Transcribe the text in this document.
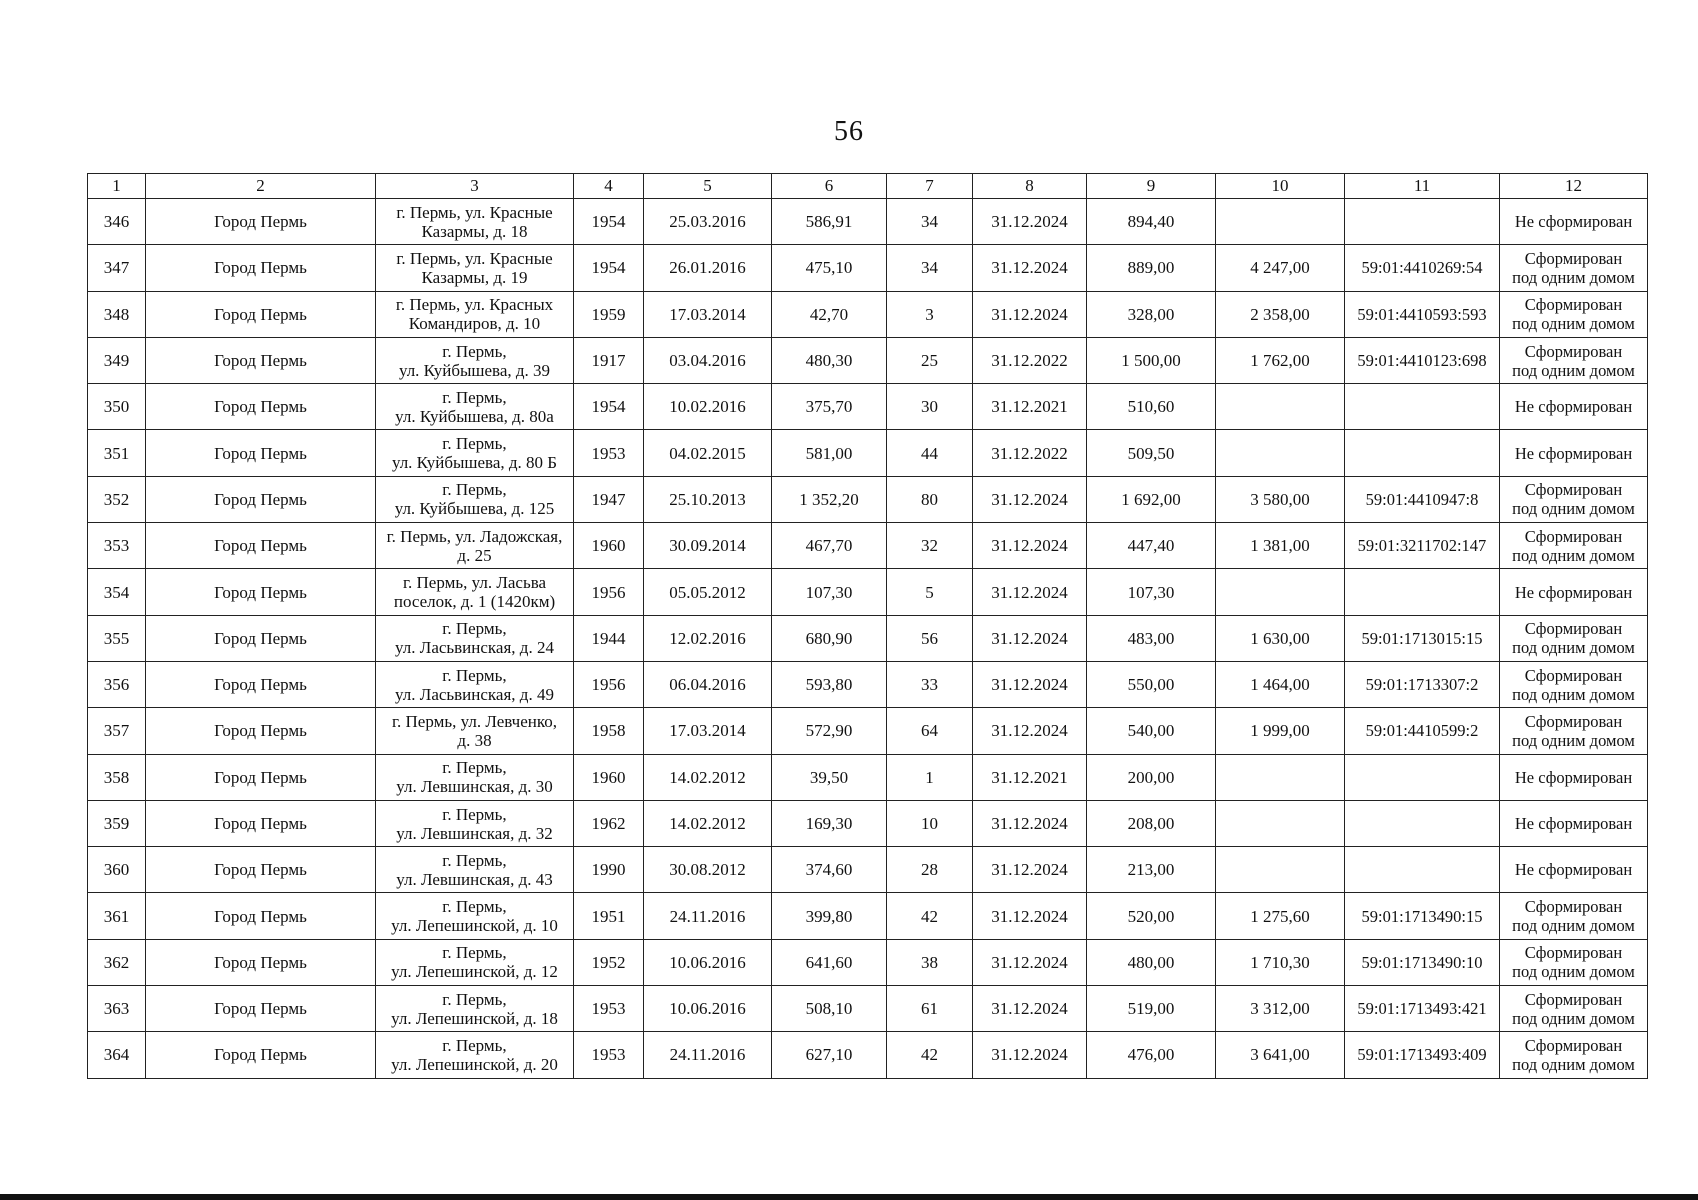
56
1	2	3	4	5	6	7	8	9	10	11	12
346	Город Пермь	г. Пермь, ул. Красные
Казармы, д. 18	1954	25.03.2016	586,91	34	31.12.2024	894,40			Не сформирован
347	Город Пермь	г. Пермь, ул. Красные
Казармы, д. 19	1954	26.01.2016	475,10	34	31.12.2024	889,00	4 247,00	59:01:4410269:54	Сформирован
под одним домом
348	Город Пермь	г. Пермь, ул. Красных
Командиров, д. 10	1959	17.03.2014	42,70	3	31.12.2024	328,00	2 358,00	59:01:4410593:593	Сформирован
под одним домом
349	Город Пермь	г. Пермь,
ул. Куйбышева, д. 39	1917	03.04.2016	480,30	25	31.12.2022	1 500,00	1 762,00	59:01:4410123:698	Сформирован
под одним домом
350	Город Пермь	г. Пермь,
ул. Куйбышева, д. 80а	1954	10.02.2016	375,70	30	31.12.2021	510,60			Не сформирован
351	Город Пермь	г. Пермь,
ул. Куйбышева, д. 80 Б	1953	04.02.2015	581,00	44	31.12.2022	509,50			Не сформирован
352	Город Пермь	г. Пермь,
ул. Куйбышева, д. 125	1947	25.10.2013	1 352,20	80	31.12.2024	1 692,00	3 580,00	59:01:4410947:8	Сформирован
под одним домом
353	Город Пермь	г. Пермь, ул. Ладожская,
д. 25	1960	30.09.2014	467,70	32	31.12.2024	447,40	1 381,00	59:01:3211702:147	Сформирован
под одним домом
354	Город Пермь	г. Пермь, ул. Ласьва
поселок, д. 1 (1420км)	1956	05.05.2012	107,30	5	31.12.2024	107,30			Не сформирован
355	Город Пермь	г. Пермь,
ул. Ласьвинская, д. 24	1944	12.02.2016	680,90	56	31.12.2024	483,00	1 630,00	59:01:1713015:15	Сформирован
под одним домом
356	Город Пермь	г. Пермь,
ул. Ласьвинская, д. 49	1956	06.04.2016	593,80	33	31.12.2024	550,00	1 464,00	59:01:1713307:2	Сформирован
под одним домом
357	Город Пермь	г. Пермь, ул. Левченко,
д. 38	1958	17.03.2014	572,90	64	31.12.2024	540,00	1 999,00	59:01:4410599:2	Сформирован
под одним домом
358	Город Пермь	г. Пермь,
ул. Левшинская, д. 30	1960	14.02.2012	39,50	1	31.12.2021	200,00			Не сформирован
359	Город Пермь	г. Пермь,
ул. Левшинская, д. 32	1962	14.02.2012	169,30	10	31.12.2024	208,00			Не сформирован
360	Город Пермь	г. Пермь,
ул. Левшинская, д. 43	1990	30.08.2012	374,60	28	31.12.2024	213,00			Не сформирован
361	Город Пермь	г. Пермь,
ул. Лепешинской, д. 10	1951	24.11.2016	399,80	42	31.12.2024	520,00	1 275,60	59:01:1713490:15	Сформирован
под одним домом
362	Город Пермь	г. Пермь,
ул. Лепешинской, д. 12	1952	10.06.2016	641,60	38	31.12.2024	480,00	1 710,30	59:01:1713490:10	Сформирован
под одним домом
363	Город Пермь	г. Пермь,
ул. Лепешинской, д. 18	1953	10.06.2016	508,10	61	31.12.2024	519,00	3 312,00	59:01:1713493:421	Сформирован
под одним домом
364	Город Пермь	г. Пермь,
ул. Лепешинской, д. 20	1953	24.11.2016	627,10	42	31.12.2024	476,00	3 641,00	59:01:1713493:409	Сформирован
под одним домом
